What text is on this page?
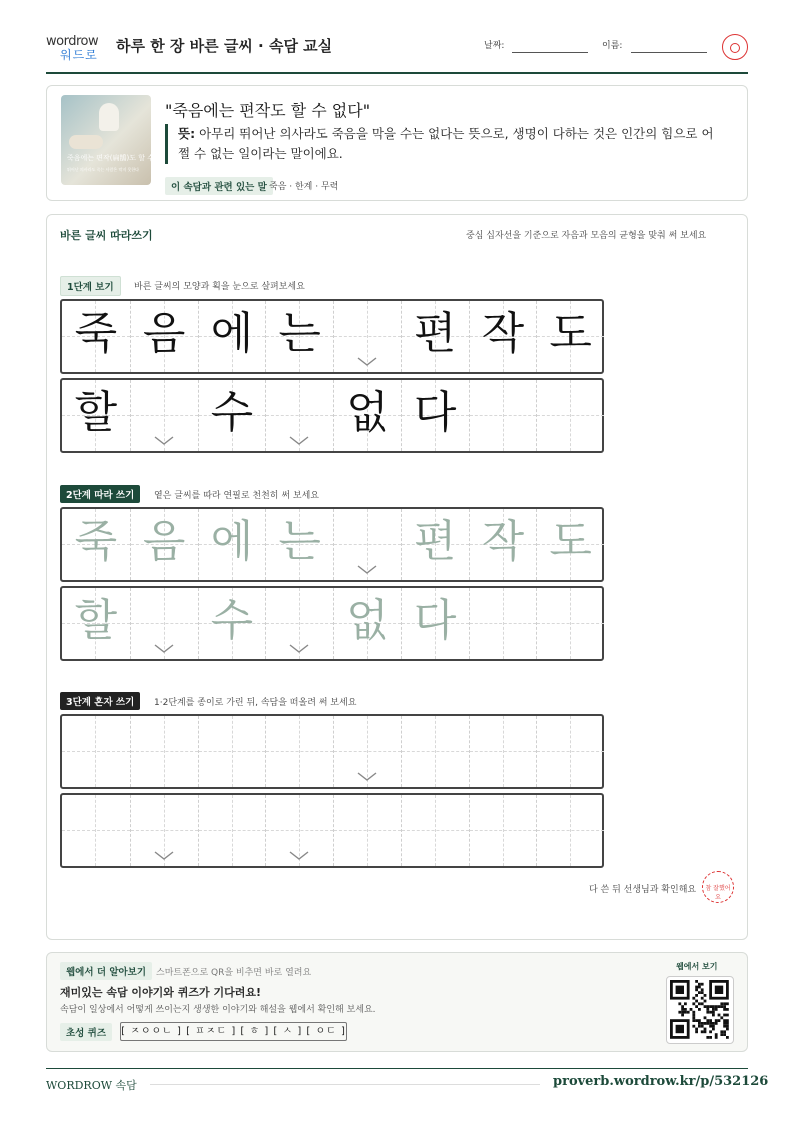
wordrow
워드로 하루 한 장 바른 글씨 · 속담 교실	날짜:	이름:
죽음에는 편작(扁鵲)도 할 수 없다
뛰어난 의사라도 죽는 사람은 막지 못한다
"죽음에는 편작도 할 수 없다"
뜻: 아무리 뛰어난 의사라도 죽음을 막을 수는 없다는 뜻으로, 생명이 다하는 것은 인간의 힘으로 어쩔 수 없는 일이라는 말이에요.
이 속담과 관련 있는 말 죽음 · 한계 · 무력
바른 글씨 따라쓰기	중심 십자선을 기준으로 자음과 모음의 균형을 맞춰 써 보세요
1단계 보기	바른 글씨의 모양과 획을 눈으로 살펴보세요
죽 음 에 는 편 작 도
할 수 없 다
2단계 따라 쓰기	옅은 글씨를 따라 연필로 천천히 써 보세요
죽 음 에 는 편 작 도
할 수 없 다
3단계 혼자 쓰기	1·2단계를 종이로 가린 뒤, 속담을 떠올려 써 보세요
다 쓴 뒤 선생님과 확인해요	참 잘했어요
웹에서 더 알아보기	스마트폰으로 QR을 비추면 바로 열려요
재미있는 속담 이야기와 퀴즈가 기다려요!
속담이 일상에서 어떻게 쓰이는지 생생한 이야기와 해설을 웹에서 확인해 보세요.
초성 퀴즈	[ ㅈㅇㅇㄴ ] [ ㅍㅈㄷ ] [ ㅎ ] [ ㅅ ] [ ㅇㄷ ]
웹에서 보기
WORDROW 속담	proverb.wordrow.kr/p/532126
